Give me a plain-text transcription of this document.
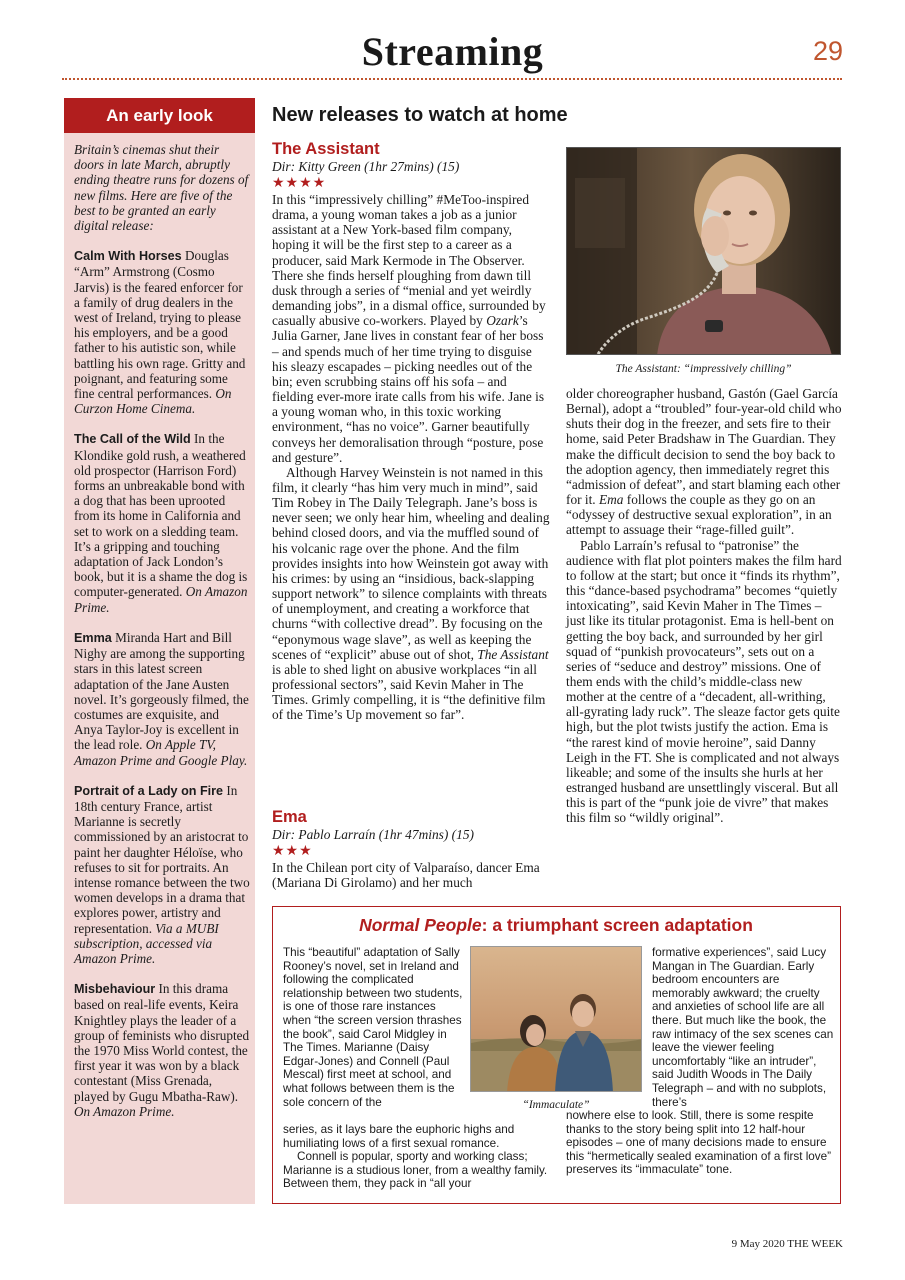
Streaming	29
An early look

Britain’s cinemas shut their doors in late March, abruptly ending theatre runs for dozens of new films. Here are five of the best to be granted an early digital release:

Calm With Horses Douglas “Arm” Armstrong (Cosmo Jarvis) is the feared enforcer for a family of drug dealers in the west of Ireland, trying to please his employers, and be a good father to his autistic son, while battling his own rage. Gritty and poignant, and featuring some fine central performances. On Curzon Home Cinema.

The Call of the Wild In the Klondike gold rush, a weathered old prospector (Harrison Ford) forms an unbreakable bond with a dog that has been uprooted from its home in California and set to work on a sledding team. It’s a gripping and touching adaptation of Jack London’s book, but it is a shame the dog is computer-generated. On Amazon Prime.

Emma Miranda Hart and Bill Nighy are among the supporting stars in this latest screen adaptation of the Jane Austen novel. It’s gorgeously filmed, the costumes are exquisite, and Anya Taylor-Joy is excellent in the lead role. On Apple TV, Amazon Prime and Google Play.

Portrait of a Lady on Fire In 18th century France, artist Marianne is secretly commissioned by an aristocrat to paint her daughter Héloïse, who refuses to sit for portraits. An intense romance between the two women develops in a drama that explores power, artistry and representation. Via a MUBI subscription, accessed via Amazon Prime.

Misbehaviour In this drama based on real-life events, Keira Knightley plays the leader of a group of feminists who disrupted the 1970 Miss World contest, the first year it was won by a black contestant (Miss Grenada, played by Gugu Mbatha-Raw). On Amazon Prime.

New releases to watch at home
The Assistant
Dir: Kitty Green (1hr 27mins) (15)
★★★★

In this “impressively chilling” #MeToo-inspired drama, a young woman takes a job as a junior assistant at a New York-based film company, hoping it will be the first step to a career as a producer, said Mark Kermode in The Observer. There she finds herself ploughing from dawn till dusk through a series of “menial and yet weirdly demanding jobs”, in a dismal office, surrounded by casually abusive co-workers. Played by Ozark’s Julia Garner, Jane lives in constant fear of her boss – and spends much of her time trying to disguise his sleazy escapades – picking needles out of the bin; even scrubbing stains off his sofa – and fielding ever-more irate calls from his wife. Jane is a young woman who, in this toxic working environment, “has no voice”. Garner beautifully conveys her demoralisation through “posture, pose and gesture”.

Although Harvey Weinstein is not named in this film, it clearly “has him very much in mind”, said Tim Robey in The Daily Telegraph. Jane’s boss is never seen; we only hear him, wheeling and dealing behind closed doors, and via the muffled sound of his volcanic rage over the phone. And the film provides insights into how Weinstein got away with his crimes: by using an “insidious, back-slapping support network” to silence complaints with threats of unemployment, and creating a workforce that churns “with collective dread”. By focusing on the “eponymous wage slave”, as well as keeping the scenes of “explicit” abuse out of shot, The Assistant is able to shed light on abusive workplaces “in all professional sectors”, said Kevin Maher in The Times. Grimly compelling, it is “the definitive film of the Time’s Up movement so far”.

The Assistant: “impressively chilling”
Ema
Dir: Pablo Larraín (1hr 47mins) (15)
★★★
In the Chilean port city of Valparaíso, dancer Ema (Mariana Di Girolamo) and her much

older choreographer husband, Gastón (Gael García Bernal), adopt a “troubled” four-year-old child who shuts their dog in the freezer, and sets fire to their home, said Peter Bradshaw in The Guardian. They make the difficult decision to send the boy back to the adoption agency, then immediately regret this “admission of defeat”, and start blaming each other for it. Ema follows the couple as they go on an “odyssey of destructive sexual exploration”, in an attempt to assuage their “rage-filled guilt”.

Pablo Larraín’s refusal to “patronise” the audience with flat plot pointers makes the film hard to follow at the start; but once it “finds its rhythm”, this “dance-based psychodrama” becomes “quietly intoxicating”, said Kevin Maher in The Times – just like its titular protagonist. Ema is hell-bent on getting the boy back, and surrounded by her girl squad of “punkish provocateurs”, sets out on a series of “seduce and destroy” missions. One of them ends with the child’s middle-class new mother at the centre of a “decadent, all-writhing, all-gyrating lady ruck”. The sleaze factor gets quite high, but the plot twists justify the action. Ema is “the rarest kind of movie heroine”, said Danny Leigh in the FT. She is complicated and not always likeable; and some of the insults she hurls at her estranged husband are unsettlingly visceral. But all this is part of the “punk joie de vivre” that makes this film so “wildly original”.

Normal People: a triumphant screen adaptation
This “beautiful” adaptation of Sally Rooney’s novel, set in Ireland and following the complicated relationship between two students, is one of those rare instances when “the screen version thrashes the book”, said Carol Midgley in The Times. Marianne (Daisy Edgar-Jones) and Connell (Paul Mescal) first meet at school, and what follows between them is the sole concern of the

series, as it lays bare the euphoric highs and humiliating lows of a first sexual romance.

Connell is popular, sporty and working class; Marianne is a studious loner, from a wealthy family. Between them, they pack in “all your

“Immaculate”
formative experiences”, said Lucy Mangan in The Guardian. Early bedroom encounters are memorably awkward; the cruelty and anxieties of school life are all there. But much like the book, the raw intimacy of the sex scenes can leave the viewer feeling uncomfortably “like an intruder”, said Judith Woods in The Daily Telegraph – and with no subplots, there’s
nowhere else to look. Still, there is some respite thanks to the story being split into 12 half-hour episodes – one of many decisions made to ensure this “hermetically sealed examination of a first love” preserves its “immaculate” tone.
9 May 2020 THE WEEK
